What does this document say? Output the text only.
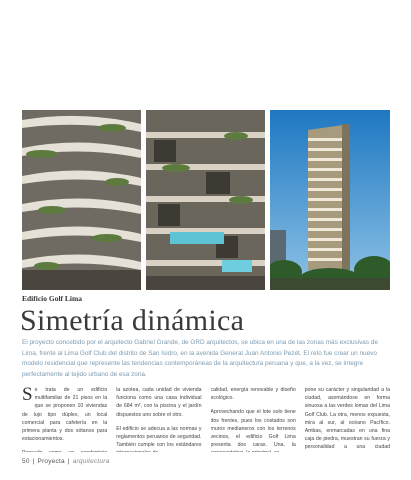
Edificio Golf Lima
Simetría dinámica

El proyecto concebido por el arquitecto Gabriel Grande, de GRD arquitectos, se ubica en una de las zonas más exclusivas de Lima, frente al Lima Golf Club del distrito de San Isidro, en la avenida General Juan Antonio Pezét. El reto fue crear un nuevo modelo residencial que represente las tendencias contemporáneas de la arquitectura peruana y que, a la vez, se integre perfectamente al tejido urbano de esa zona.

Se trata de un edificio multifamiliar de 21 pisos en la que se proponen 10 viviendas de lujo tipo dúplex, un local comercial para cafetería en la primera planta y dos sótanos para estacionamientos.

la azotea, cada unidad de vivienda funciona como una casa individual de 684 m², con la piscina y el jardín dispuestos uno sobre el otro.

El edificio se adecua a las normas y reglamentos peruanos de seguridad. También cumple con los estándares

calidad, energía renovable y diseño ecológico.

Aprovechando que el lote solo tiene dos frentes, pues los costados son muros medianeros con los terrenos vecinos, el edificio Golf Lima presenta dos caras. Una, la

pone su carácter y singularidad a la ciudad, asomándose en forma sinuosa a las verdes lomas del Lima Golf Club. La otra, menos expuesta, mira al sur, al océano Pacífico. Ambas, enmarcadas en una fina caja de piedra, muestran su fuerza y personalidad a una ciudad

50 | Proyecta | arquitectura
